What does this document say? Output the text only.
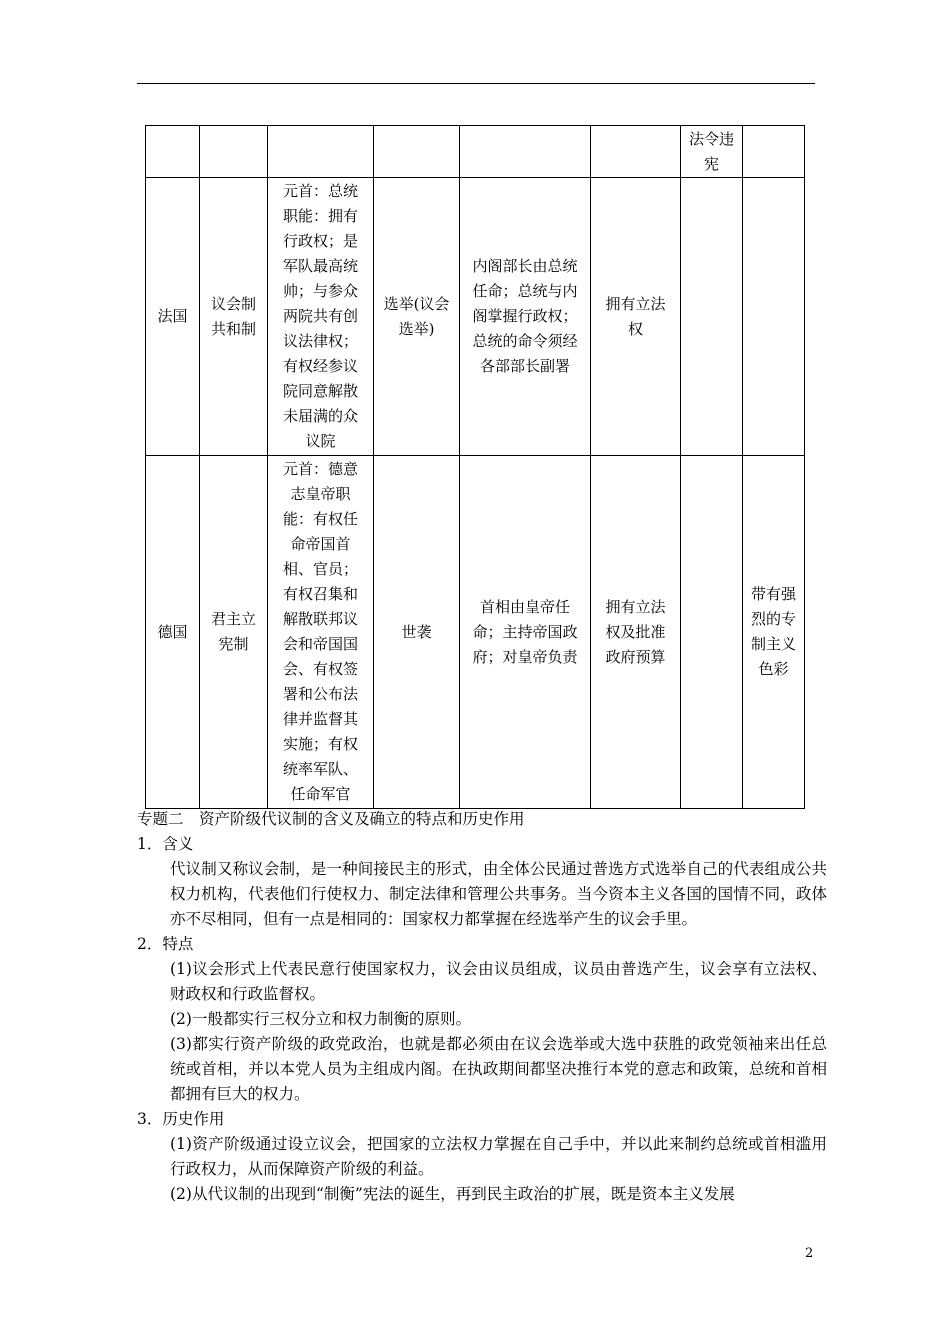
						法令违宪	
法国	议会制共和制	元首：总统职能：拥有行政权；是军队最高统帅；与参众两院共有创议法律权；有权经参议院同意解散未届满的众议院	选举(议会选举)	内阁部长由总统任命；总统与内阁掌握行政权；总统的命令须经各部部长副署	拥有立法权		
德国	君主立宪制	元首：德意志皇帝职能：有权任命帝国首相、官员；有权召集和解散联邦议会和帝国国会、有权签署和公布法律并监督其实施；有权统率军队、任命军官	世袭	首相由皇帝任命；主持帝国政府；对皇帝负责	拥有立法权及批准政府预算		带有强烈的专制主义色彩

专题二　资产阶级代议制的含义及确立的特点和历史作用

1．含义

代议制又称议会制，是一种间接民主的形式，由全体公民通过普选方式选举自己的代表组成公共权力机构，代表他们行使权力、制定法律和管理公共事务。当今资本主义各国的国情不同，政体亦不尽相同，但有一点是相同的：国家权力都掌握在经选举产生的议会手里。

2．特点

(1)议会形式上代表民意行使国家权力，议会由议员组成，议员由普选产生，议会享有立法权、财政权和行政监督权。

(2)一般都实行三权分立和权力制衡的原则。

(3)都实行资产阶级的政党政治，也就是都必须由在议会选举或大选中获胜的政党领袖来出任总统或首相，并以本党人员为主组成内阁。在执政期间都坚决推行本党的意志和政策，总统和首相都拥有巨大的权力。

3．历史作用

(1)资产阶级通过设立议会，把国家的立法权力掌握在自己手中，并以此来制约总统或首相滥用行政权力，从而保障资产阶级的利益。

(2)从代议制的出现到“制衡”宪法的诞生，再到民主政治的扩展，既是资本主义发展

2
